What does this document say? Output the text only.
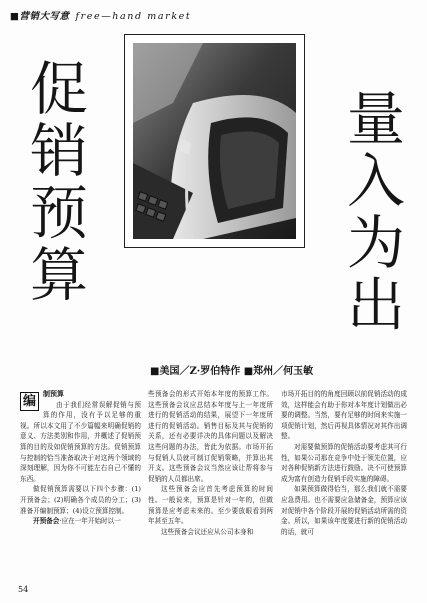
■营销大写意 free—hand market
促
销
预
算
量
入
为
出
■美国／Z·罗伯特作 ■郑州／何玉敏
编
制预算

由于我们经常误解促销与预算的作用，没有予以足够的重视。所以本文用了不少篇幅来明确促销的意义、方法类别和作用，并概述了促销预算的目的及如促销预算的方法。促销预算与控制的恰当准备取决于对这两个领域的深刻理解，因为你不可能左右自己不懂的东西。

做促销预算需要以下四个步骤：(1)开预备会；(2)明确各个成员的分工；(3)准备开编制预算；(4)设立预算控制。

开预备会·应在一年开始时以一

些预备会的形式开始本年度的预算工作。这些预备会议应总结本年度与上一年度所进行的促销活动的结果，展望下一年度所进行的促销活动。销售目标及其与促销的关系，还有必要详决的具体问题以及解决这些问题的办法，皆此为依据。市场开拓与促销人员就可制订促销策略，并算出其开支。这些预备会议当然应该让帮将参与促销的人员都出席。

这些预备会应首先考虑预算的时间性。一般说来，预算是针对一年的，但做预算是应考虑未来的。至少要放眼看到两年甚至五年。

这些预备会议还应从公司本身和

市场开拓目的的角度回顾以前促销活动的成效，这样能会有助于你对本年度计划做出必要的调整。当然，要有足够的时间来实施一项促销计划，然后再视具体情况对其作出调整。

对需要做预算的促销活动要考虑其可行性，如果公司那在竞争中处于领先位置，应对各种促销新方法进行鼓励。决不可使预算成为富有创造力促销手段实施的障碍。

如果预算做得恰当，那么我们就不需要应急费用。也不需要应急储备金，预算应该对促销中各个阶段开展的促销活动所需的资金。所以，如果该年度要进行新的促销活动的话，就可

54
